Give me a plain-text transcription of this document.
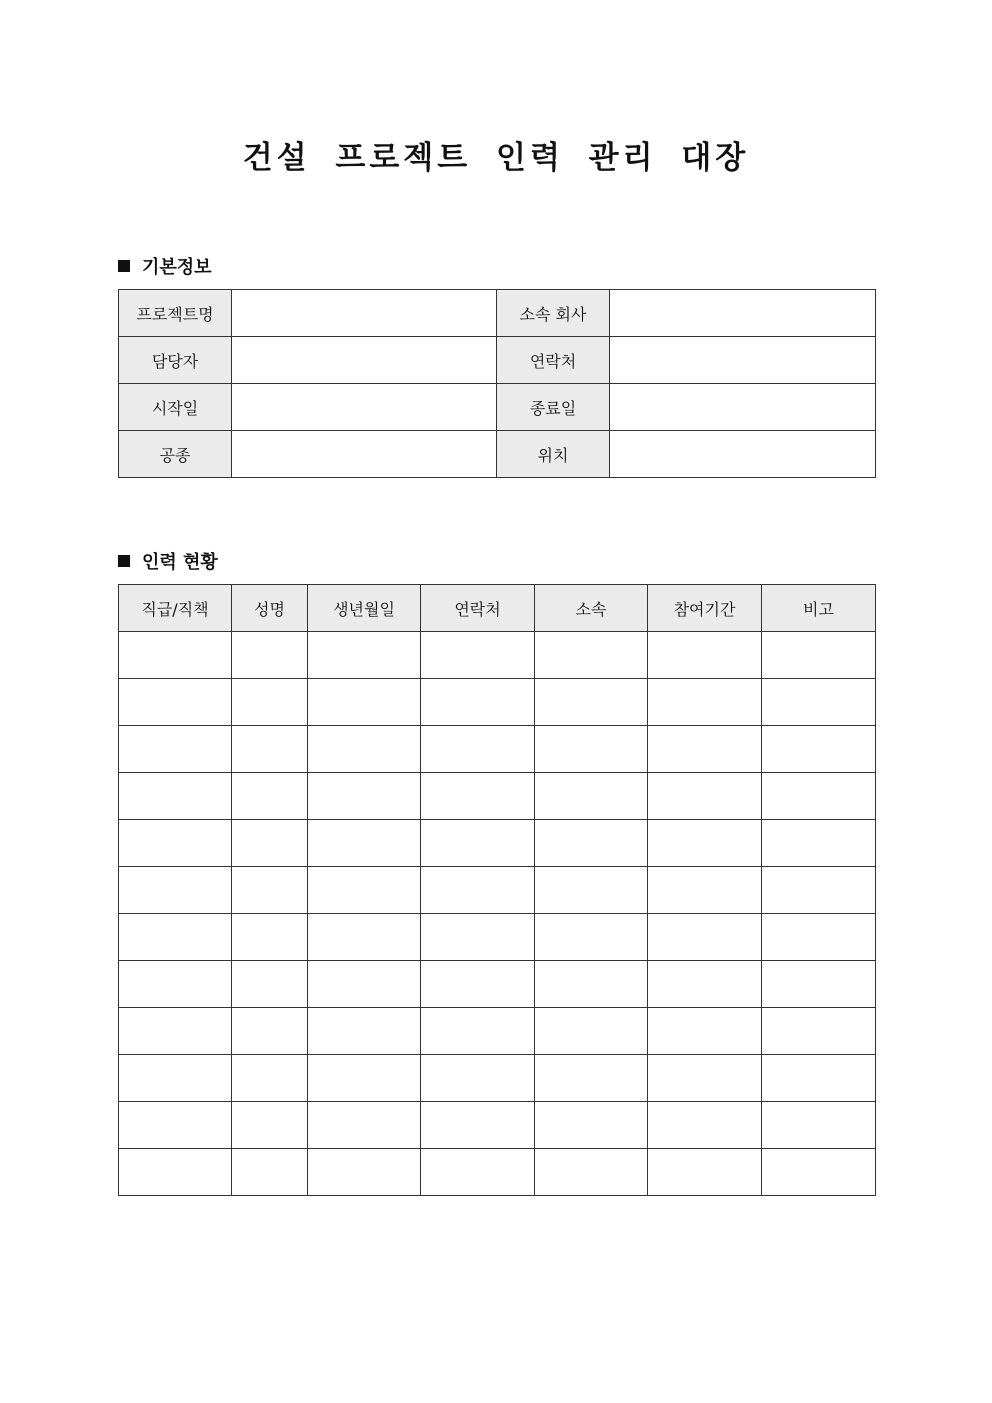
건설 프로젝트 인력 관리 대장
기본정보
프로젝트명		소속 회사	
담당자		연락처	
시작일		종료일	
공종		위치	
인력 현황
직급/직책	성명	생년월일	연락처	소속	참여기간	비고
